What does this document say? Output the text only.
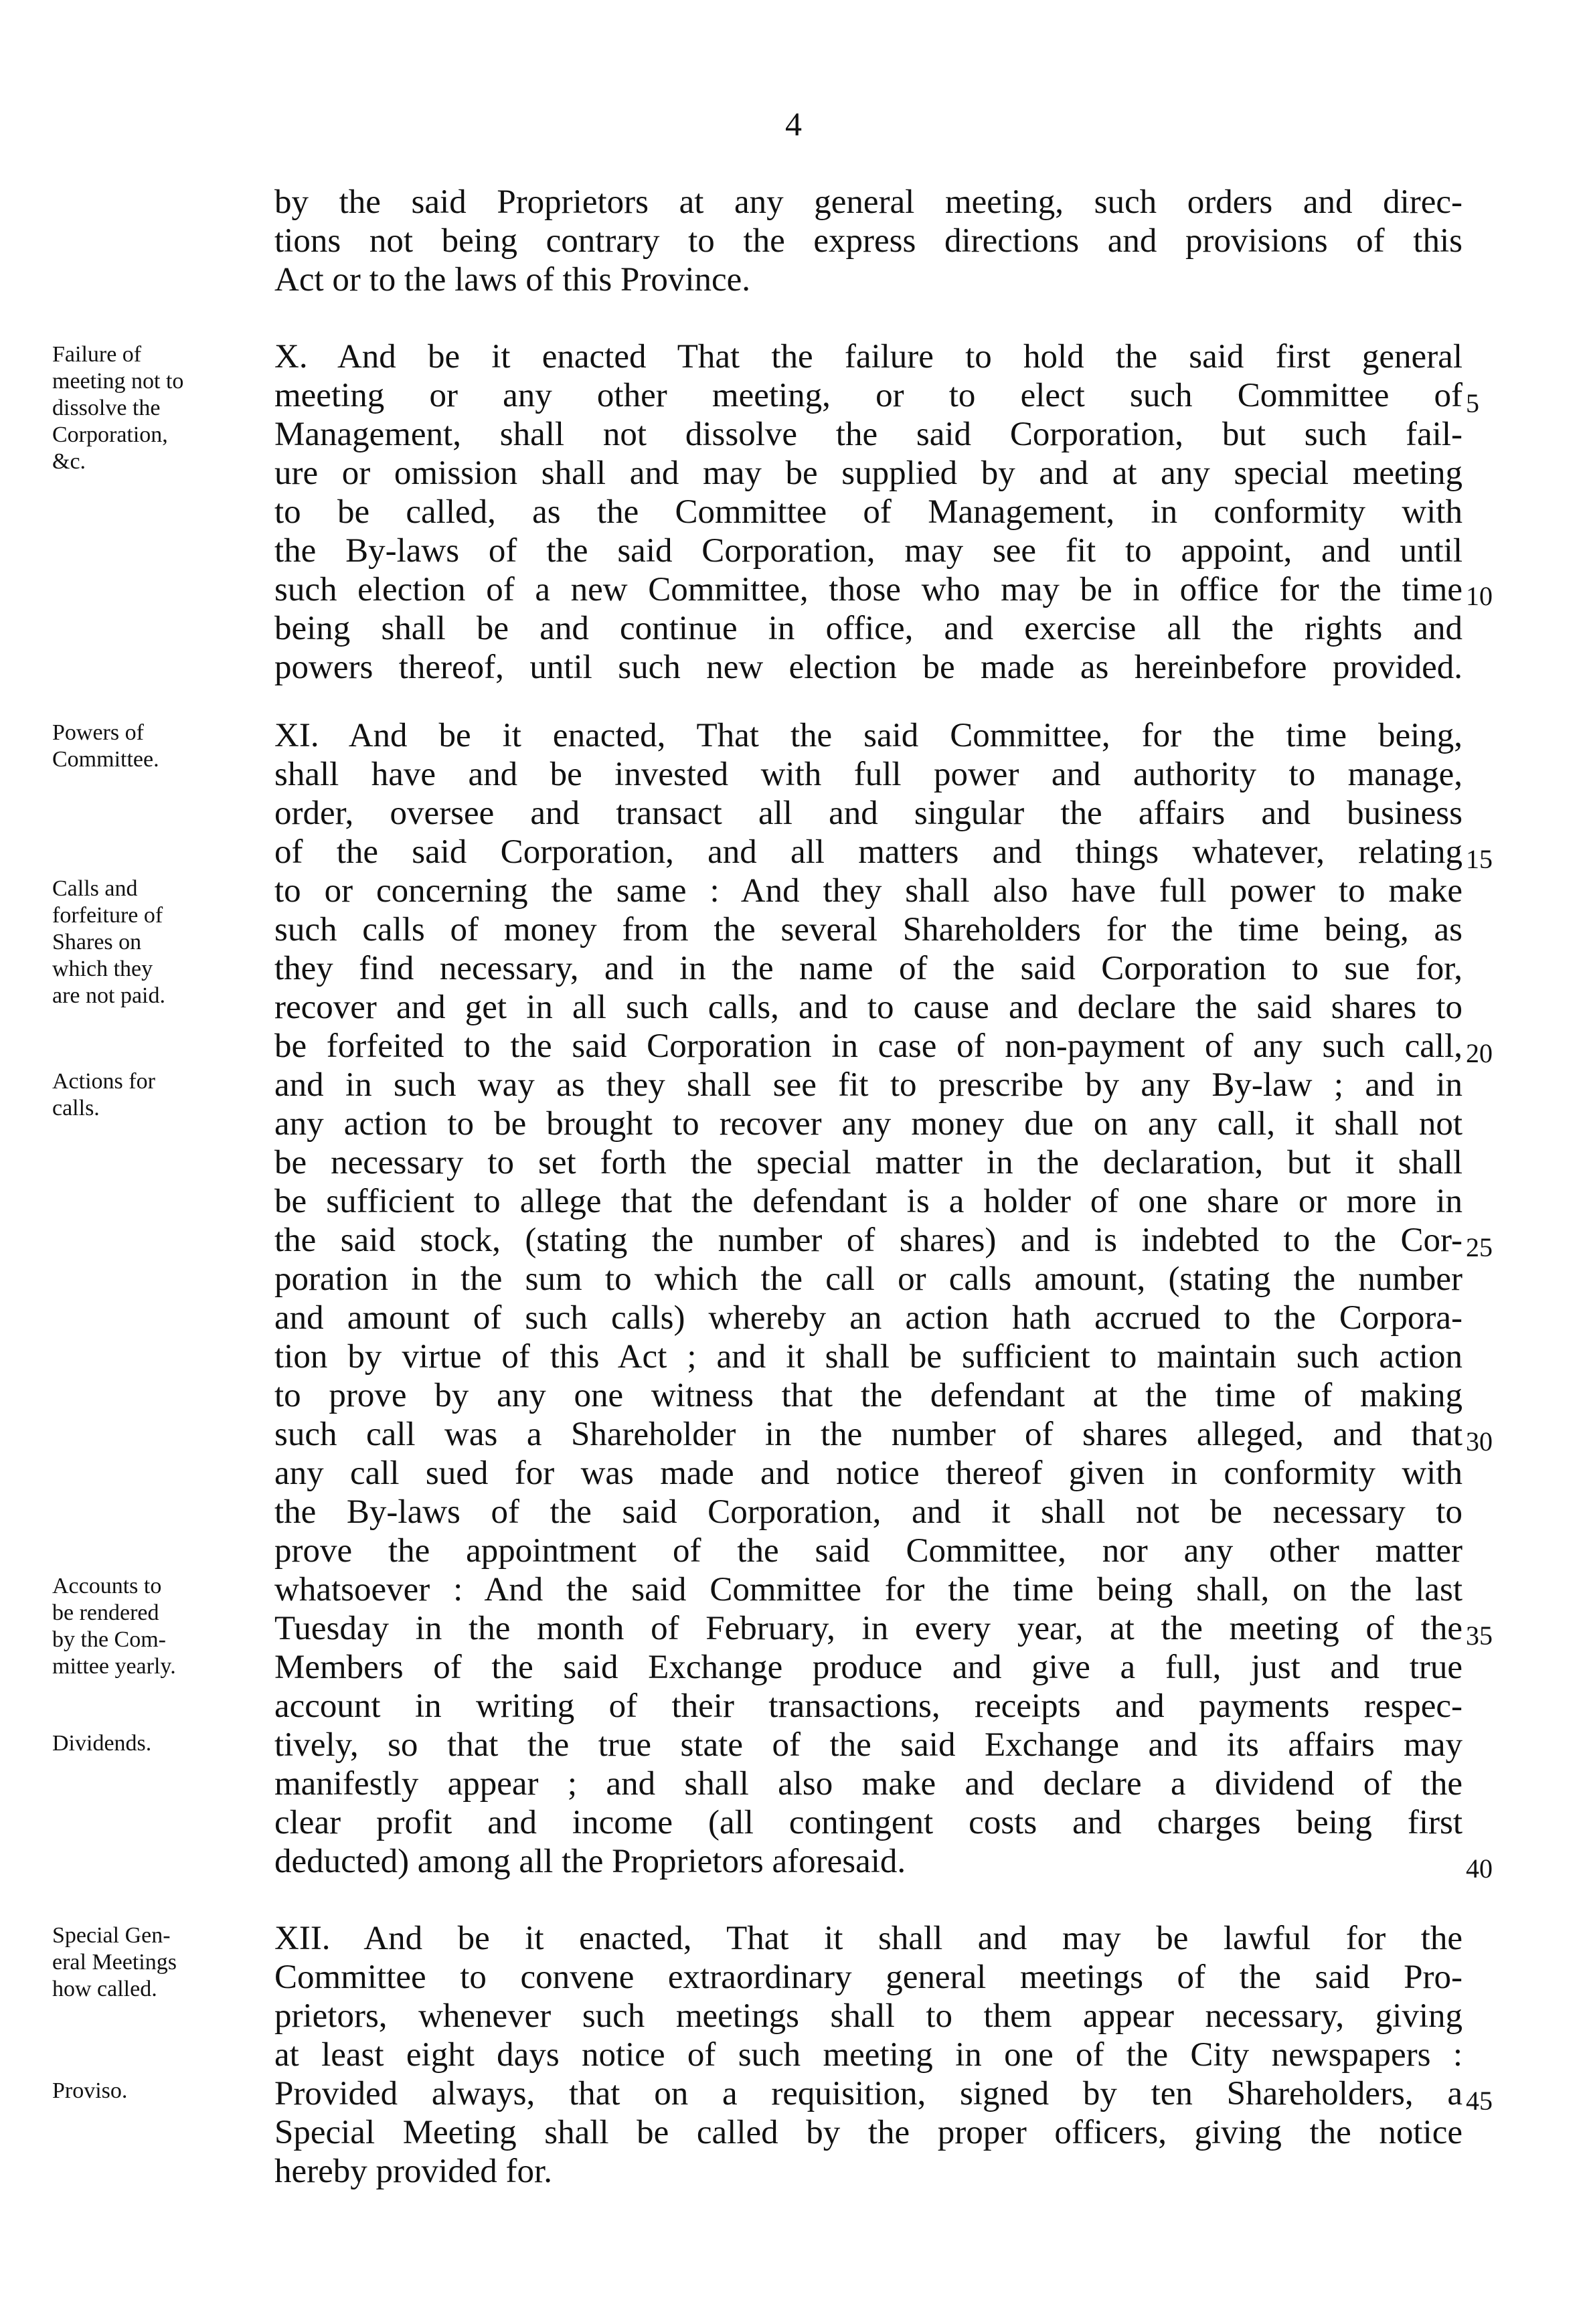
4
by the said Proprietors at any general meeting, such orders and direc-
tions not being contrary to the express directions and provisions of this
Act or to the laws of this Province.
X. And be it enacted That the failure to hold the said first general
meeting or any other meeting, or to elect such Committee of
Management, shall not dissolve the said Corporation, but such fail-
ure or omission shall and may be supplied by and at any special meeting
to be called, as the Committee of Management, in conformity with
the By-laws of the said Corporation, may see fit to appoint, and until
such election of a new Committee, those who may be in office for the time
being shall be and continue in office, and exercise all the rights and
powers thereof, until such new election be made as hereinbefore provided.
XI. And be it enacted, That the said Committee, for the time being,
shall have and be invested with full power and authority to manage,
order, oversee and transact all and singular the affairs and business
of the said Corporation, and all matters and things whatever, relating
to or concerning the same : And they shall also have full power to make
such calls of money from the several Shareholders for the time being, as
they find necessary, and in the name of the said Corporation to sue for,
recover and get in all such calls, and to cause and declare the said shares to
be forfeited to the said Corporation in case of non-payment of any such call,
and in such way as they shall see fit to prescribe by any By-law ; and in
any action to be brought to recover any money due on any call, it shall not
be necessary to set forth the special matter in the declaration, but it shall
be sufficient to allege that the defendant is a holder of one share or more in
the said stock, (stating the number of shares) and is indebted to the Cor-
poration in the sum to which the call or calls amount, (stating the number
and amount of such calls) whereby an action hath accrued to the Corpora-
tion by virtue of this Act ; and it shall be sufficient to maintain such action
to prove by any one witness that the defendant at the time of making
such call was a Shareholder in the number of shares alleged, and that
any call sued for was made and notice thereof given in conformity with
the By-laws of the said Corporation, and it shall not be necessary to
prove the appointment of the said Committee, nor any other matter
whatsoever : And the said Committee for the time being shall, on the last
Tuesday in the month of February, in every year, at the meeting of the
Members of the said Exchange produce and give a full, just and true
account in writing of their transactions, receipts and payments respec-
tively, so that the true state of the said Exchange and its affairs may
manifestly appear ; and shall also make and declare a dividend of the
clear profit and income (all contingent costs and charges being first
deducted) among all the Proprietors aforesaid.
XII. And be it enacted, That it shall and may be lawful for the
Committee to convene extraordinary general meetings of the said Pro-
prietors, whenever such meetings shall to them appear necessary, giving
at least eight days notice of such meeting in one of the City newspapers :
Provided always, that on a requisition, signed by ten Shareholders, a
Special Meeting shall be called by the proper officers, giving the notice
hereby provided for.
Failure of
meeting not to
dissolve the
Corporation,
&c.
Powers of
Committee.
Calls and
forfeiture of
Shares on
which they
are not paid.
Actions for
calls.
Accounts to
be rendered
by the Com-
mittee yearly.
Dividends.
Special Gen-
eral Meetings
how called.
Proviso.
5
10
15
20
25
30
35
40
45
